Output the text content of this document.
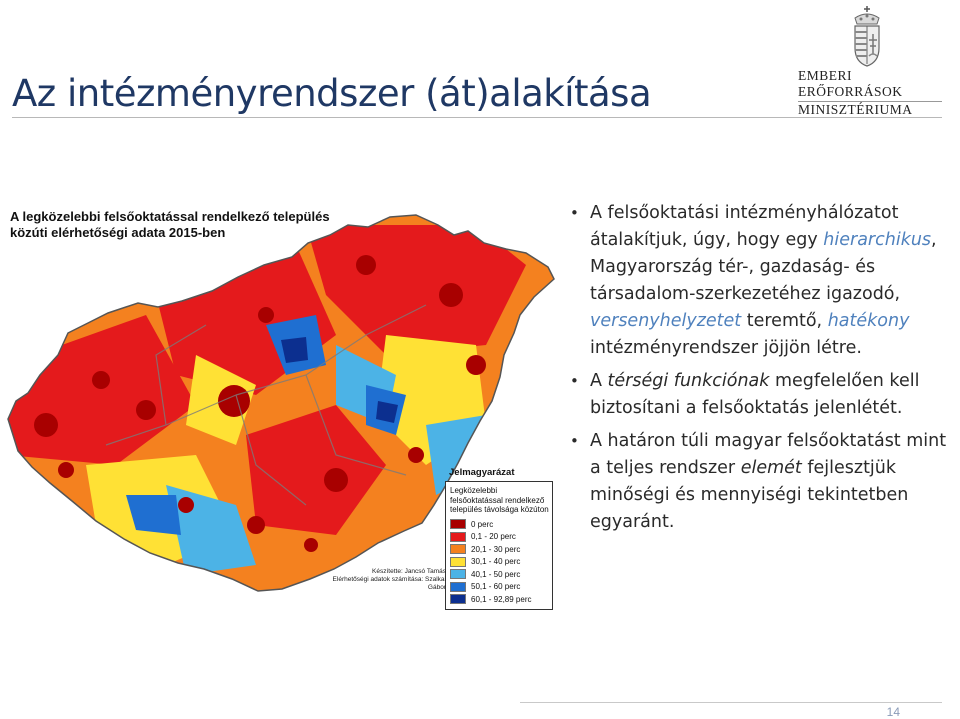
Az intézményrendszer (át)alakítása	EMBERI ERŐFORRÁSOK
MINISZTÉRIUMA
A legközelebbi felsőoktatással rendelkező település
közúti elérhetőségi adata 2015-ben
Jelmagyarázat
Legközelebbi felsőoktatással rendelkező település távolsága közúton
0 perc
0,1 - 20 perc
20,1 - 30 perc
30,1 - 40 perc
40,1 - 50 perc
50,1 - 60 perc
60,1 - 92,89 perc
Készítette: Jancsó Tamás
Elérhetőségi adatok számítása: Szalkai Gábor
• A felsőoktatási intézményhálózatot átalakítjuk, úgy, hogy egy hierarchikus, Magyarország tér-, gazdaság- és társadalom-szerkezetéhez igazodó, versenyhelyzetet teremtő, hatékony intézményrendszer jöjjön létre.
• A térségi funkciónak megfelelően kell biztosítani a felsőoktatás jelenlétét.
• A határon túli magyar felsőoktatást mint a teljes rendszer elemét fejlesztjük minőségi és mennyiségi tekintetben egyaránt.
14
